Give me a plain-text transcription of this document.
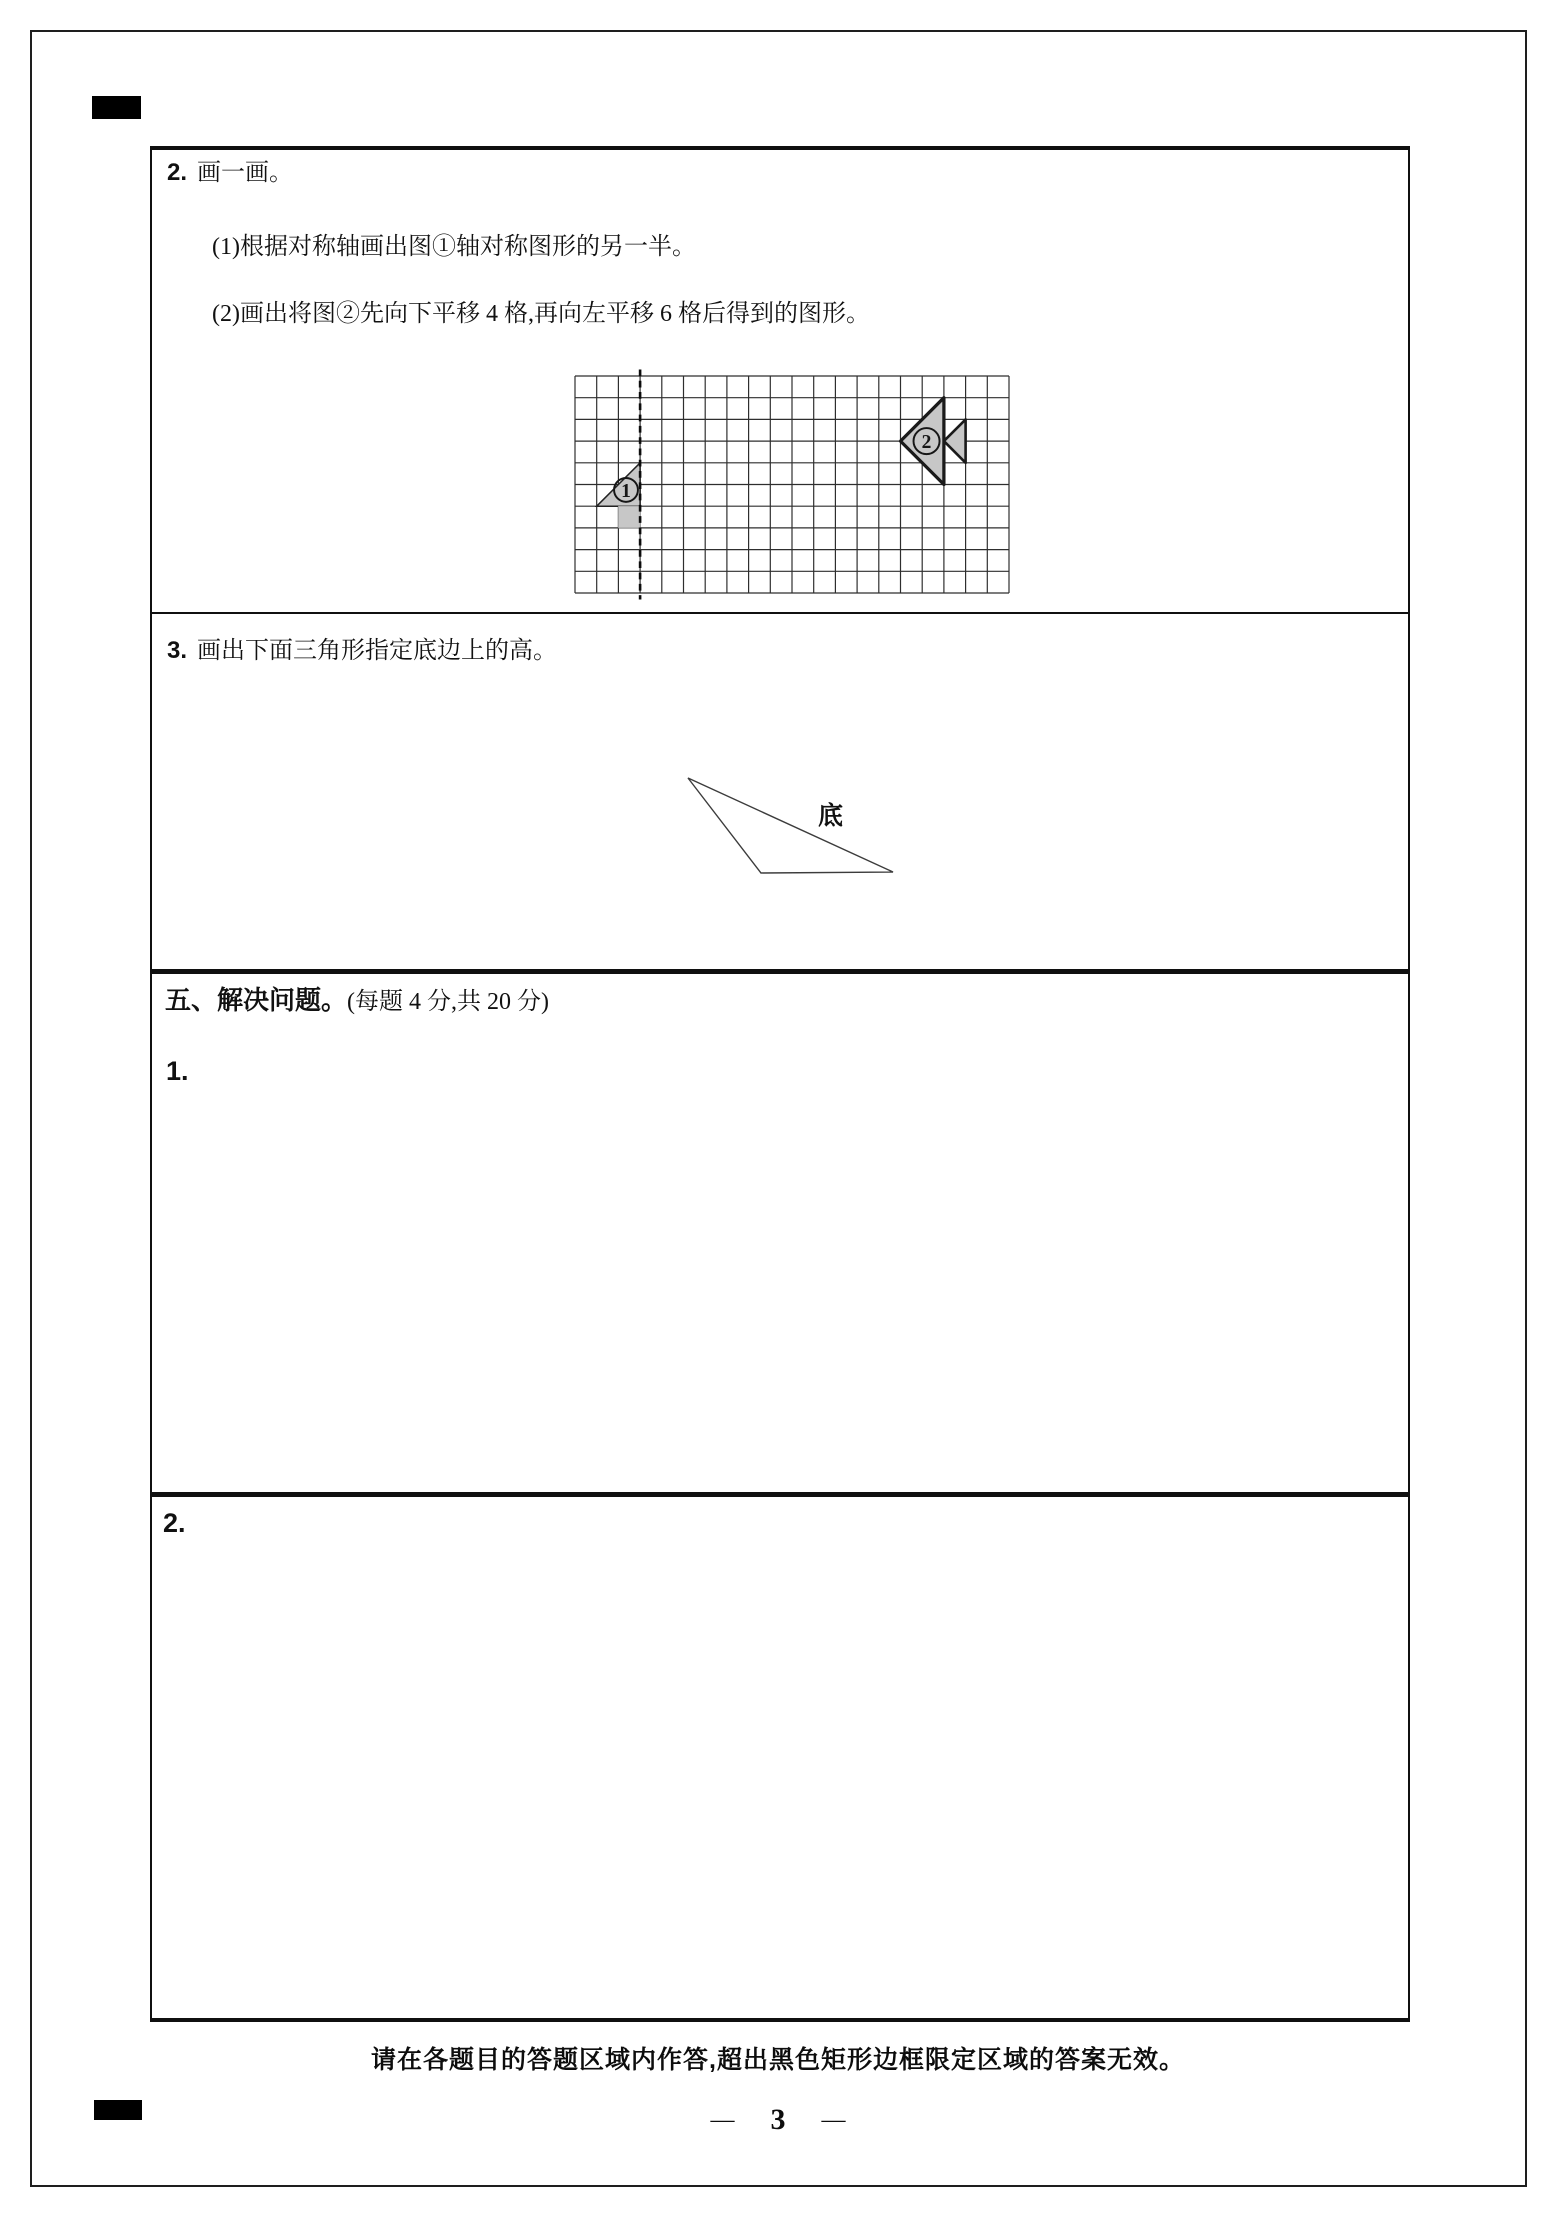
2. 画一画。
(1)根据对称轴画出图①轴对称图形的另一半。
(2)画出将图②先向下平移 4 格,再向左平移 6 格后得到的图形。
3. 画出下面三角形指定底边上的高。
底
五、解决问题。(每题 4 分,共 20 分)
1.
2.
请在各题目的答题区域内作答,超出黑色矩形边框限定区域的答案无效。
— 3 —
